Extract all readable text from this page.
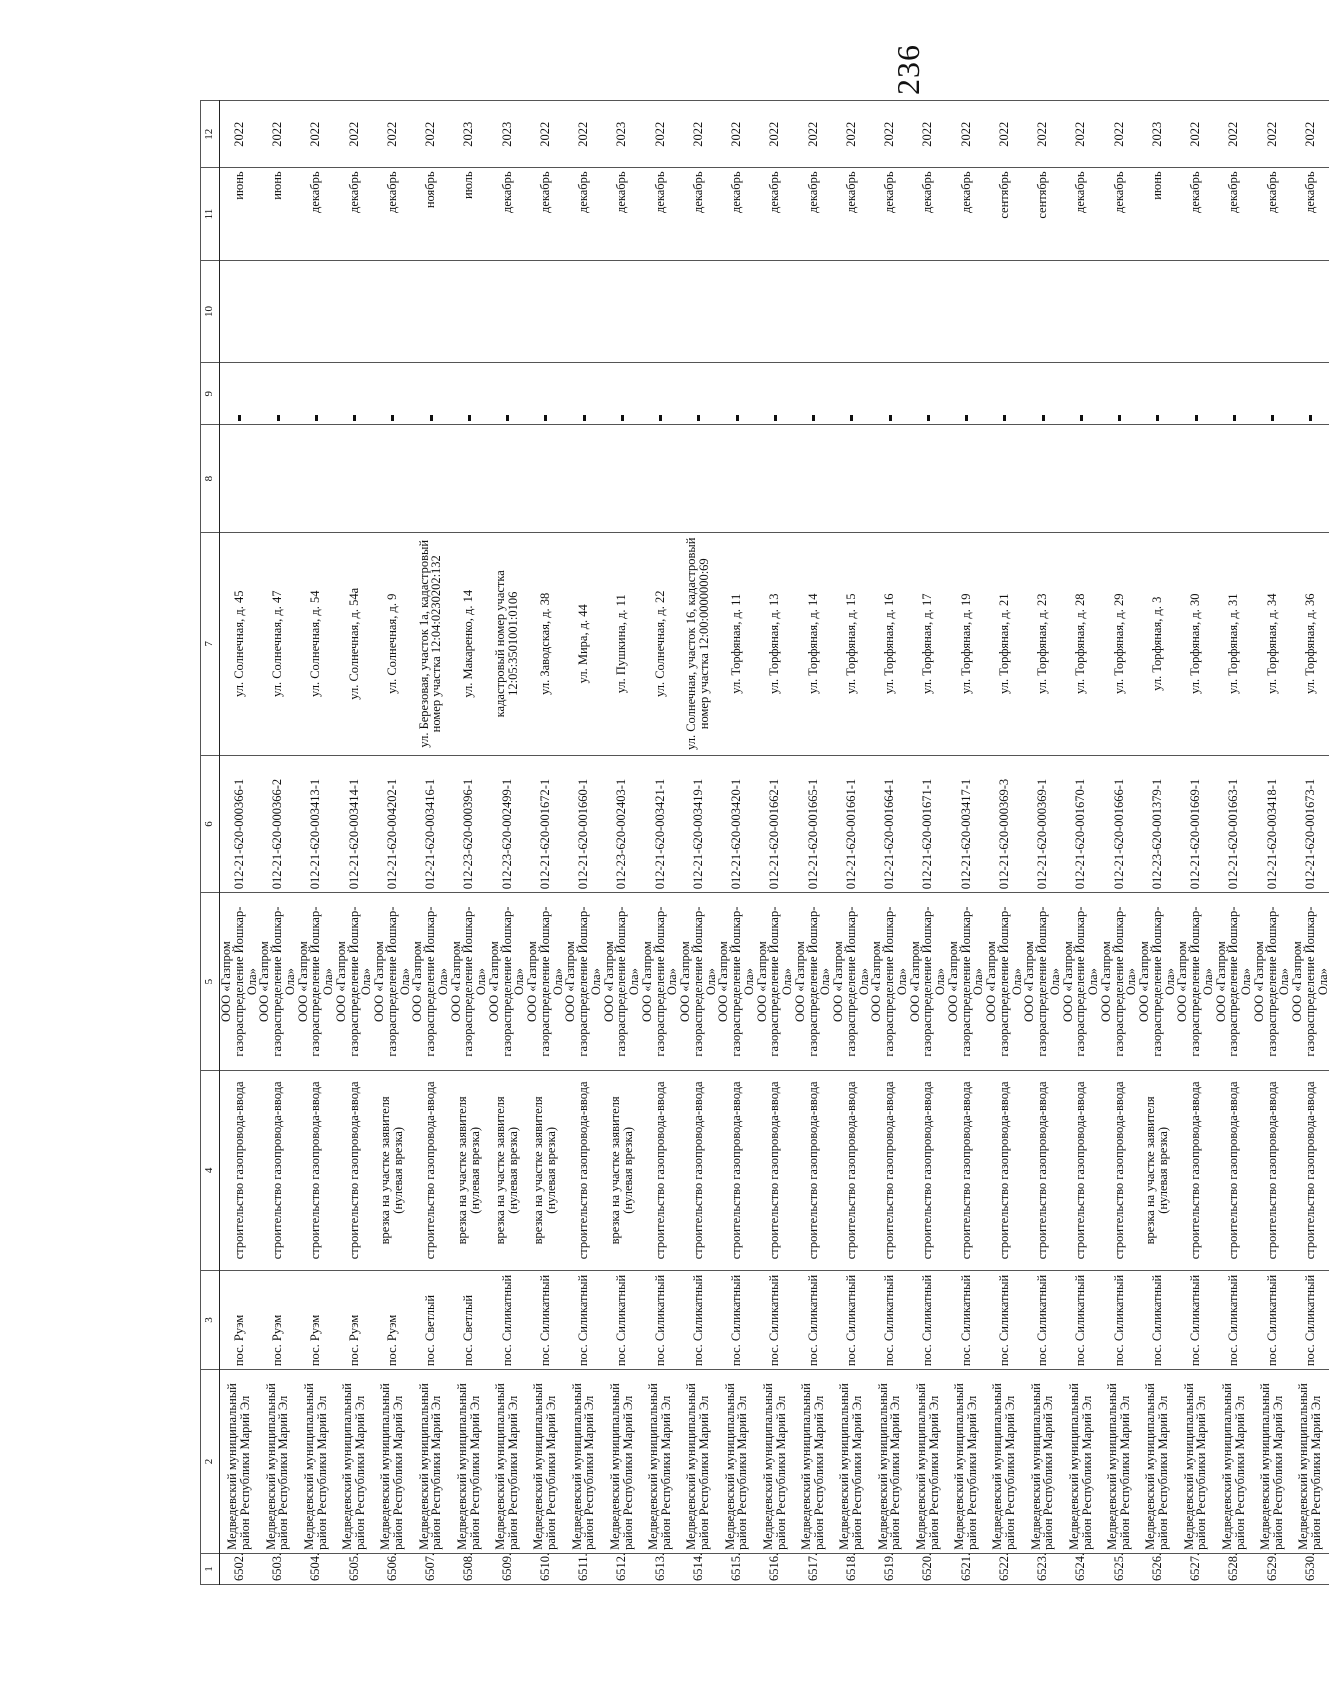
236
1	2	3	4	5	6	7	8	9	10	11	12
6502.	Медведевский муниципальный район Республики Марий Эл	пос. Руэм	строительство газопровода-ввода	ООО «Газпром газораспределение Йошкар-Ола»	012-21-620-000366-1	ул. Солнечная, д. 45				июнь	2022
6503.	Медведевский муниципальный район Республики Марий Эл	пос. Руэм	строительство газопровода-ввода	ООО «Газпром газораспределение Йошкар-Ола»	012-21-620-000366-2	ул. Солнечная, д. 47				июнь	2022
6504.	Медведевский муниципальный район Республики Марий Эл	пос. Руэм	строительство газопровода-ввода	ООО «Газпром газораспределение Йошкар-Ола»	012-21-620-003413-1	ул. Солнечная, д. 54				декабрь	2022
6505.	Медведевский муниципальный район Республики Марий Эл	пос. Руэм	строительство газопровода-ввода	ООО «Газпром газораспределение Йошкар-Ола»	012-21-620-003414-1	ул. Солнечная, д. 54а				декабрь	2022
6506.	Медведевский муниципальный район Республики Марий Эл	пос. Руэм	врезка на участке заявителя (нулевая врезка)	ООО «Газпром газораспределение Йошкар-Ола»	012-21-620-004202-1	ул. Солнечная, д. 9				декабрь	2022
6507.	Медведевский муниципальный район Республики Марий Эл	пос. Светлый	строительство газопровода-ввода	ООО «Газпром газораспределение Йошкар-Ола»	012-21-620-003416-1	ул. Березовая, участок 1а, кадастровый номер участка 12:04:0230202:132				ноябрь	2022
6508.	Медведевский муниципальный район Республики Марий Эл	пос. Светлый	врезка на участке заявителя (нулевая врезка)	ООО «Газпром газораспределение Йошкар-Ола»	012-23-620-000396-1	ул. Макаренко, д. 14				июль	2023
6509.	Медведевский муниципальный район Республики Марий Эл	пос. Силикатный	врезка на участке заявителя (нулевая врезка)	ООО «Газпром газораспределение Йошкар-Ола»	012-23-620-002499-1	кадастровый номер участка 12:05:3501001:0106				декабрь	2023
6510.	Медведевский муниципальный район Республики Марий Эл	пос. Силикатный	врезка на участке заявителя (нулевая врезка)	ООО «Газпром газораспределение Йошкар-Ола»	012-21-620-001672-1	ул. Заводская, д. 38				декабрь	2022
6511.	Медведевский муниципальный район Республики Марий Эл	пос. Силикатный	строительство газопровода-ввода	ООО «Газпром газораспределение Йошкар-Ола»	012-21-620-001660-1	ул. Мира, д. 44				декабрь	2022
6512.	Медведевский муниципальный район Республики Марий Эл	пос. Силикатный	врезка на участке заявителя (нулевая врезка)	ООО «Газпром газораспределение Йошкар-Ола»	012-23-620-002403-1	ул. Пушкина, д. 11				декабрь	2023
6513.	Медведевский муниципальный район Республики Марий Эл	пос. Силикатный	строительство газопровода-ввода	ООО «Газпром газораспределение Йошкар-Ола»	012-21-620-003421-1	ул. Солнечная, д. 22				декабрь	2022
6514.	Медведевский муниципальный район Республики Марий Эл	пос. Силикатный	строительство газопровода-ввода	ООО «Газпром газораспределение Йошкар-Ола»	012-21-620-003419-1	ул. Солнечная, участок 16, кадастровый номер участка 12:00:0000000:69				декабрь	2022
6515.	Медведевский муниципальный район Республики Марий Эл	пос. Силикатный	строительство газопровода-ввода	ООО «Газпром газораспределение Йошкар-Ола»	012-21-620-003420-1	ул. Торфяная, д. 11				декабрь	2022
6516.	Медведевский муниципальный район Республики Марий Эл	пос. Силикатный	строительство газопровода-ввода	ООО «Газпром газораспределение Йошкар-Ола»	012-21-620-001662-1	ул. Торфяная, д. 13				декабрь	2022
6517.	Медведевский муниципальный район Республики Марий Эл	пос. Силикатный	строительство газопровода-ввода	ООО «Газпром газораспределение Йошкар-Ола»	012-21-620-001665-1	ул. Торфяная, д. 14				декабрь	2022
6518.	Медведевский муниципальный район Республики Марий Эл	пос. Силикатный	строительство газопровода-ввода	ООО «Газпром газораспределение Йошкар-Ола»	012-21-620-001661-1	ул. Торфяная, д. 15				декабрь	2022
6519.	Медведевский муниципальный район Республики Марий Эл	пос. Силикатный	строительство газопровода-ввода	ООО «Газпром газораспределение Йошкар-Ола»	012-21-620-001664-1	ул. Торфяная, д. 16				декабрь	2022
6520.	Медведевский муниципальный район Республики Марий Эл	пос. Силикатный	строительство газопровода-ввода	ООО «Газпром газораспределение Йошкар-Ола»	012-21-620-001671-1	ул. Торфяная, д. 17				декабрь	2022
6521.	Медведевский муниципальный район Республики Марий Эл	пос. Силикатный	строительство газопровода-ввода	ООО «Газпром газораспределение Йошкар-Ола»	012-21-620-003417-1	ул. Торфяная, д. 19				декабрь	2022
6522.	Медведевский муниципальный район Республики Марий Эл	пос. Силикатный	строительство газопровода-ввода	ООО «Газпром газораспределение Йошкар-Ола»	012-21-620-000369-3	ул. Торфяная, д. 21				сентябрь	2022
6523.	Медведевский муниципальный район Республики Марий Эл	пос. Силикатный	строительство газопровода-ввода	ООО «Газпром газораспределение Йошкар-Ола»	012-21-620-000369-1	ул. Торфяная, д. 23				сентябрь	2022
6524.	Медведевский муниципальный район Республики Марий Эл	пос. Силикатный	строительство газопровода-ввода	ООО «Газпром газораспределение Йошкар-Ола»	012-21-620-001670-1	ул. Торфяная, д. 28				декабрь	2022
6525.	Медведевский муниципальный район Республики Марий Эл	пос. Силикатный	строительство газопровода-ввода	ООО «Газпром газораспределение Йошкар-Ола»	012-21-620-001666-1	ул. Торфяная, д. 29				декабрь	2022
6526.	Медведевский муниципальный район Республики Марий Эл	пос. Силикатный	врезка на участке заявителя (нулевая врезка)	ООО «Газпром газораспределение Йошкар-Ола»	012-23-620-001379-1	ул. Торфяная, д. 3				июнь	2023
6527.	Медведевский муниципальный район Республики Марий Эл	пос. Силикатный	строительство газопровода-ввода	ООО «Газпром газораспределение Йошкар-Ола»	012-21-620-001669-1	ул. Торфяная, д. 30				декабрь	2022
6528.	Медведевский муниципальный район Республики Марий Эл	пос. Силикатный	строительство газопровода-ввода	ООО «Газпром газораспределение Йошкар-Ола»	012-21-620-001663-1	ул. Торфяная, д. 31				декабрь	2022
6529.	Медведевский муниципальный район Республики Марий Эл	пос. Силикатный	строительство газопровода-ввода	ООО «Газпром газораспределение Йошкар-Ола»	012-21-620-003418-1	ул. Торфяная, д. 34				декабрь	2022
6530.	Медведевский муниципальный район Республики Марий Эл	пос. Силикатный	строительство газопровода-ввода	ООО «Газпром газораспределение Йошкар-Ола»	012-21-620-001673-1	ул. Торфяная, д. 36				декабрь	2022
